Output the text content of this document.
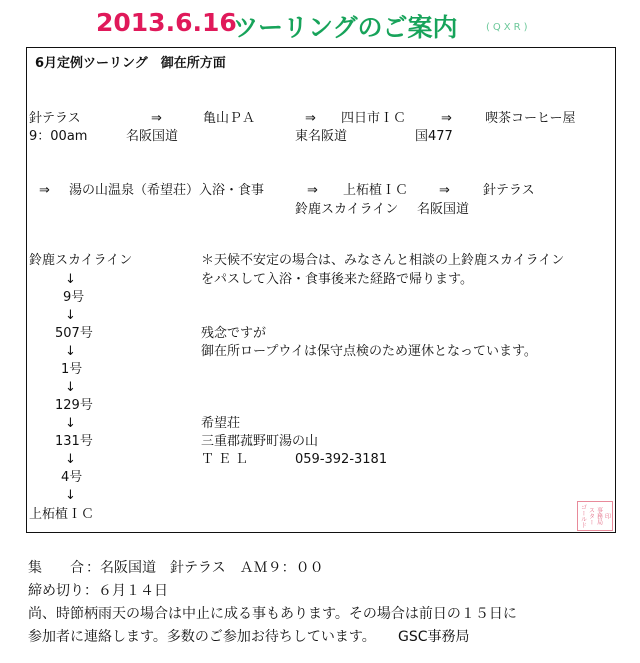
2013.6.16
ツーリングのご案内	(QXR)
6月定例ツーリング　御在所方面
針テラス	⇒	亀山ＰＡ	⇒ 四日市ＩＣ	⇒	喫茶コーヒー屋
9：00am	名阪国道	東名阪道	国477
⇒ 湯の山温泉（希望荘）入浴・食事	⇒ 上柘植ＩＣ ⇒	針テラス
鈴鹿スカイライン 名阪国道
鈴鹿スカイライン
↓
9号
↓
507号
↓
1号
↓
129号
↓
131号
↓
4号
↓
上柘植ＩＣ
＊天候不安定の場合は、みなさんと相談の上鈴鹿スカイライン
をパスして入浴・食事後来た経路で帰ります。
残念ですが
御在所ロープウイは保守点検のため運休となっています。
希望荘
三重郡菰野町湯の山
ＴＥＬ	059-392-3181
ゴールド スター 事務局 印
集　　合 ：名阪国道　針テラス　ＡＭ９：００
締め切り：６月１４日
尚、時節柄雨天の場合は中止に成る事もあります。その場合は前日の１５日に
参加者に連絡します。多数のご参加お待ちしています。 GSC事務局
